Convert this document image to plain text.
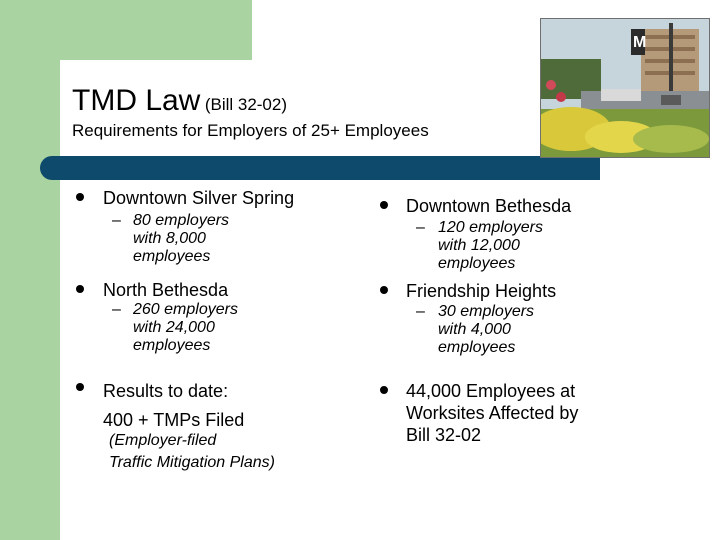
TMD Law (Bill 32-02)
Requirements for Employers of 25+ Employees
M
Downtown Silver Spring
– 80 employers
with 8,000
employees
North Bethesda
– 260 employers
with 24,000
employees
Results to date:
400 + TMPs Filed
(Employer-filed
Traffic Mitigation Plans)
Downtown Bethesda
– 120 employers
with 12,000
employees
Friendship Heights
– 30 employers
with 4,000
employees
44,000 Employees at
Worksites Affected by
Bill 32-02
